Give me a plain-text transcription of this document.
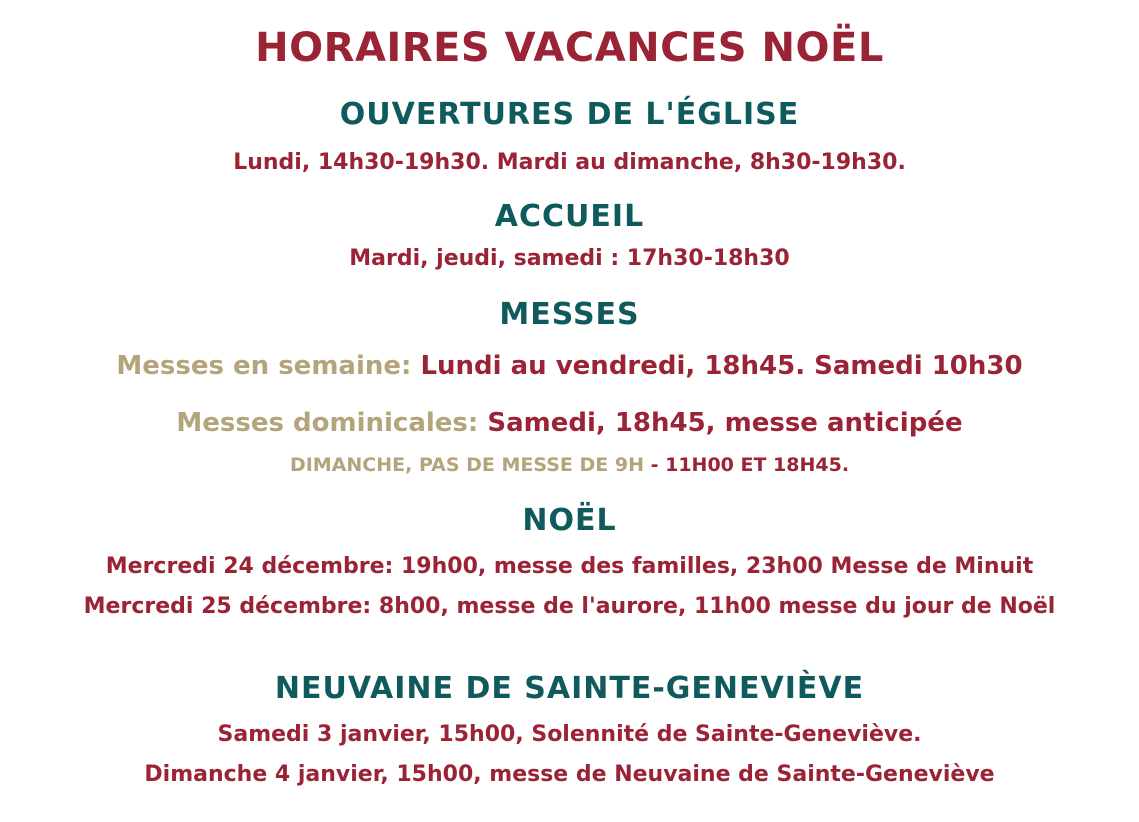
HORAIRES VACANCES NOËL
OUVERTURES DE L'ÉGLISE
Lundi, 14h30-19h30. Mardi au dimanche, 8h30-19h30.
ACCUEIL
Mardi, jeudi, samedi : 17h30-18h30
MESSES
Messes en semaine: Lundi au vendredi, 18h45. Samedi 10h30
Messes dominicales: Samedi, 18h45, messe anticipée
DIMANCHE, PAS DE MESSE DE 9H - 11H00 ET 18H45.
NOËL
Mercredi 24 décembre: 19h00, messe des familles, 23h00 Messe de Minuit
Mercredi 25 décembre: 8h00, messe de l'aurore, 11h00 messe du jour de Noël
NEUVAINE DE SAINTE-GENEVIÈVE
Samedi 3 janvier, 15h00, Solennité de Sainte-Geneviève.
Dimanche 4 janvier, 15h00, messe de Neuvaine de Sainte-Geneviève
